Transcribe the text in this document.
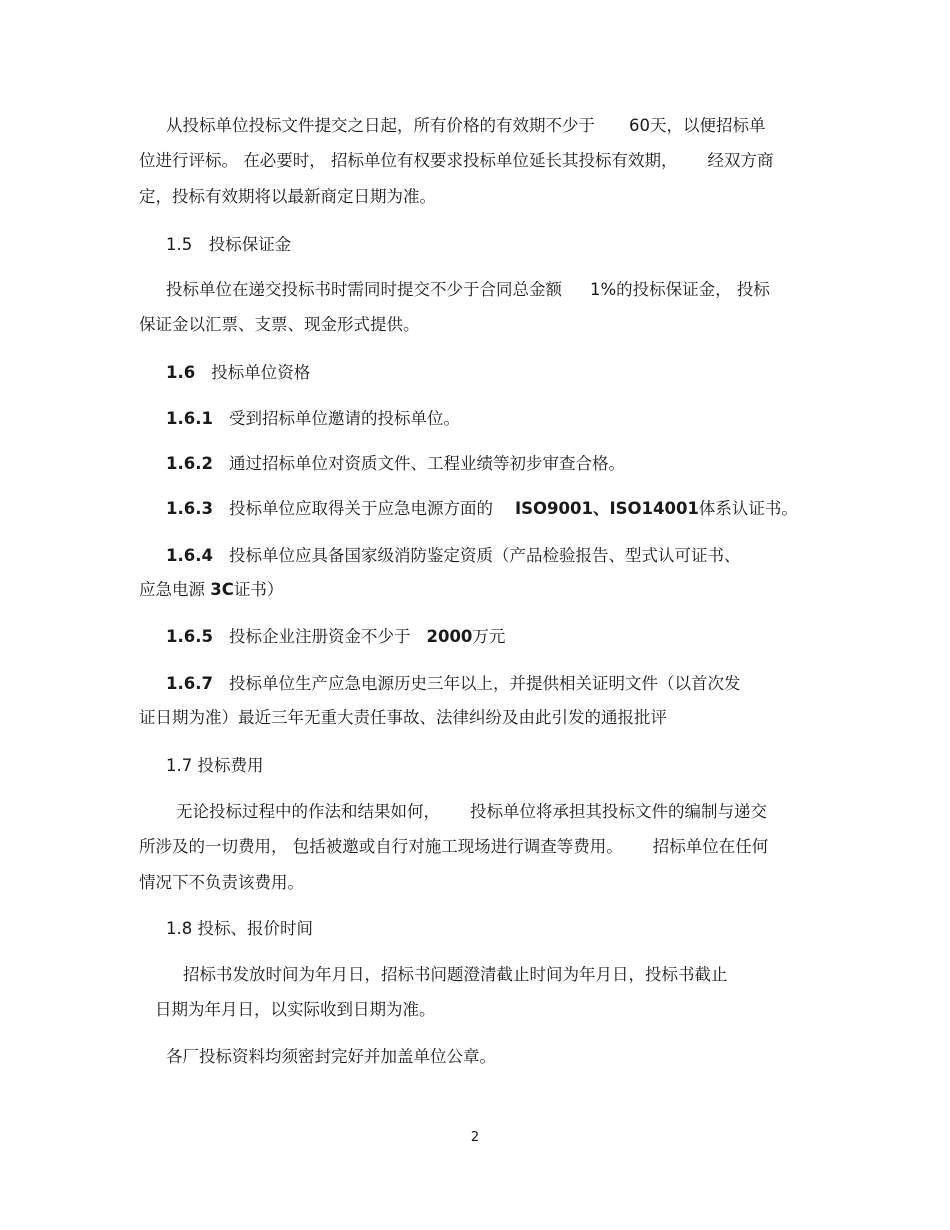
从投标单位投标文件提交之日起，所有价格的有效期不少于 60天，以便招标单
位进行评标。 在必要时， 招标单位有权要求投标单位延长其投标有效期， 经双方商
定，投标有效期将以最新商定日期为准。
1.5　投标保证金
投标单位在递交投标书时需同时提交不少于合同总金额 1%的投标保证金， 投标
保证金以汇票、支票、现金形式提供。
1.6 投标单位资格
1.6.1 受到招标单位邀请的投标单位。
1.6.2 通过招标单位对资质文件、工程业绩等初步审查合格。
1.6.3 投标单位应取得关于应急电源方面的 ISO9001、ISO14001体系认证书。
1.6.4 投标单位应具备国家级消防鉴定资质（产品检验报告、型式认可证书、
应急电源 3C证书）
1.6.5 投标企业注册资金不少于 2000万元
1.6.7 投标单位生产应急电源历史三年以上，并提供相关证明文件（以首次发
证日期为准）最近三年无重大责任事故、法律纠纷及由此引发的通报批评
1.7 投标费用
无论投标过程中的作法和结果如何， 投标单位将承担其投标文件的编制与递交
所涉及的一切费用， 包括被邀或自行对施工现场进行调查等费用。 招标单位在任何
情况下不负责该费用。
1.8 投标、报价时间
招标书发放时间为年月日，招标书问题澄清截止时间为年月日，投标书截止
日期为年月日，以实际收到日期为准。
各厂投标资料均须密封完好并加盖单位公章。
2
